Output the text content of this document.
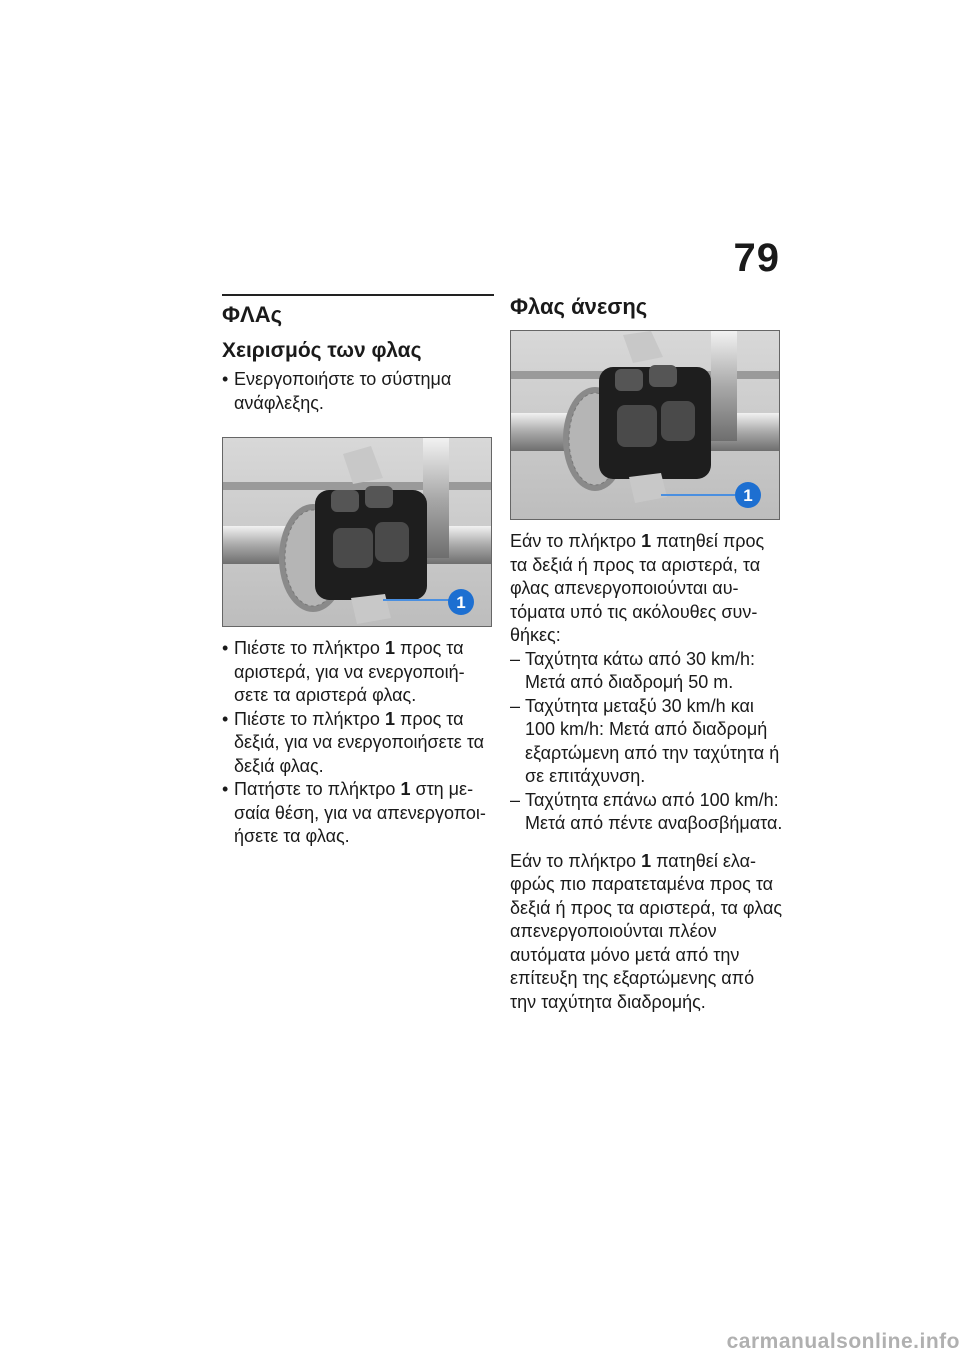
79
ΦΛΑς
Χειρισμός των φλας
• Ενεργοποιήστε το σύστημα ανάφλεξης.
1
• Πιέστε το πλήκτρο 1 προς τα αριστερά, για να ενεργοποιή-σετε τα αριστερά φλας.
• Πιέστε το πλήκτρο 1 προς τα δεξιά, για να ενεργοποιήσετε τα δεξιά φλας.
• Πατήστε το πλήκτρο 1 στη με-σαία θέση, για να απενεργοποι-ήσετε τα φλας.
Φλας άνεσης
1
Εάν το πλήκτρο 1 πατηθεί προς τα δεξιά ή προς τα αριστερά, τα φλας απενεργοποιούνται αυ-τόματα υπό τις ακόλουθες συν-θήκες:
– Ταχύτητα κάτω από 30 km/h: Μετά από διαδρομή 50 m.
– Ταχύτητα μεταξύ 30 km/h και 100 km/h: Μετά από διαδρομή εξαρτώμενη από την ταχύτητα ή σε επιτάχυνση.
– Ταχύτητα επάνω από 100 km/h: Μετά από πέντε αναβοσβήματα.
Εάν το πλήκτρο 1 πατηθεί ελα-φρώς πιο παρατεταμένα προς τα δεξιά ή προς τα αριστερά, τα φλας απενεργοποιούνται πλέον αυτόματα μόνο μετά από την επίτευξη της εξαρτώμενης από την ταχύτητα διαδρομής.
carmanualsonline.info
